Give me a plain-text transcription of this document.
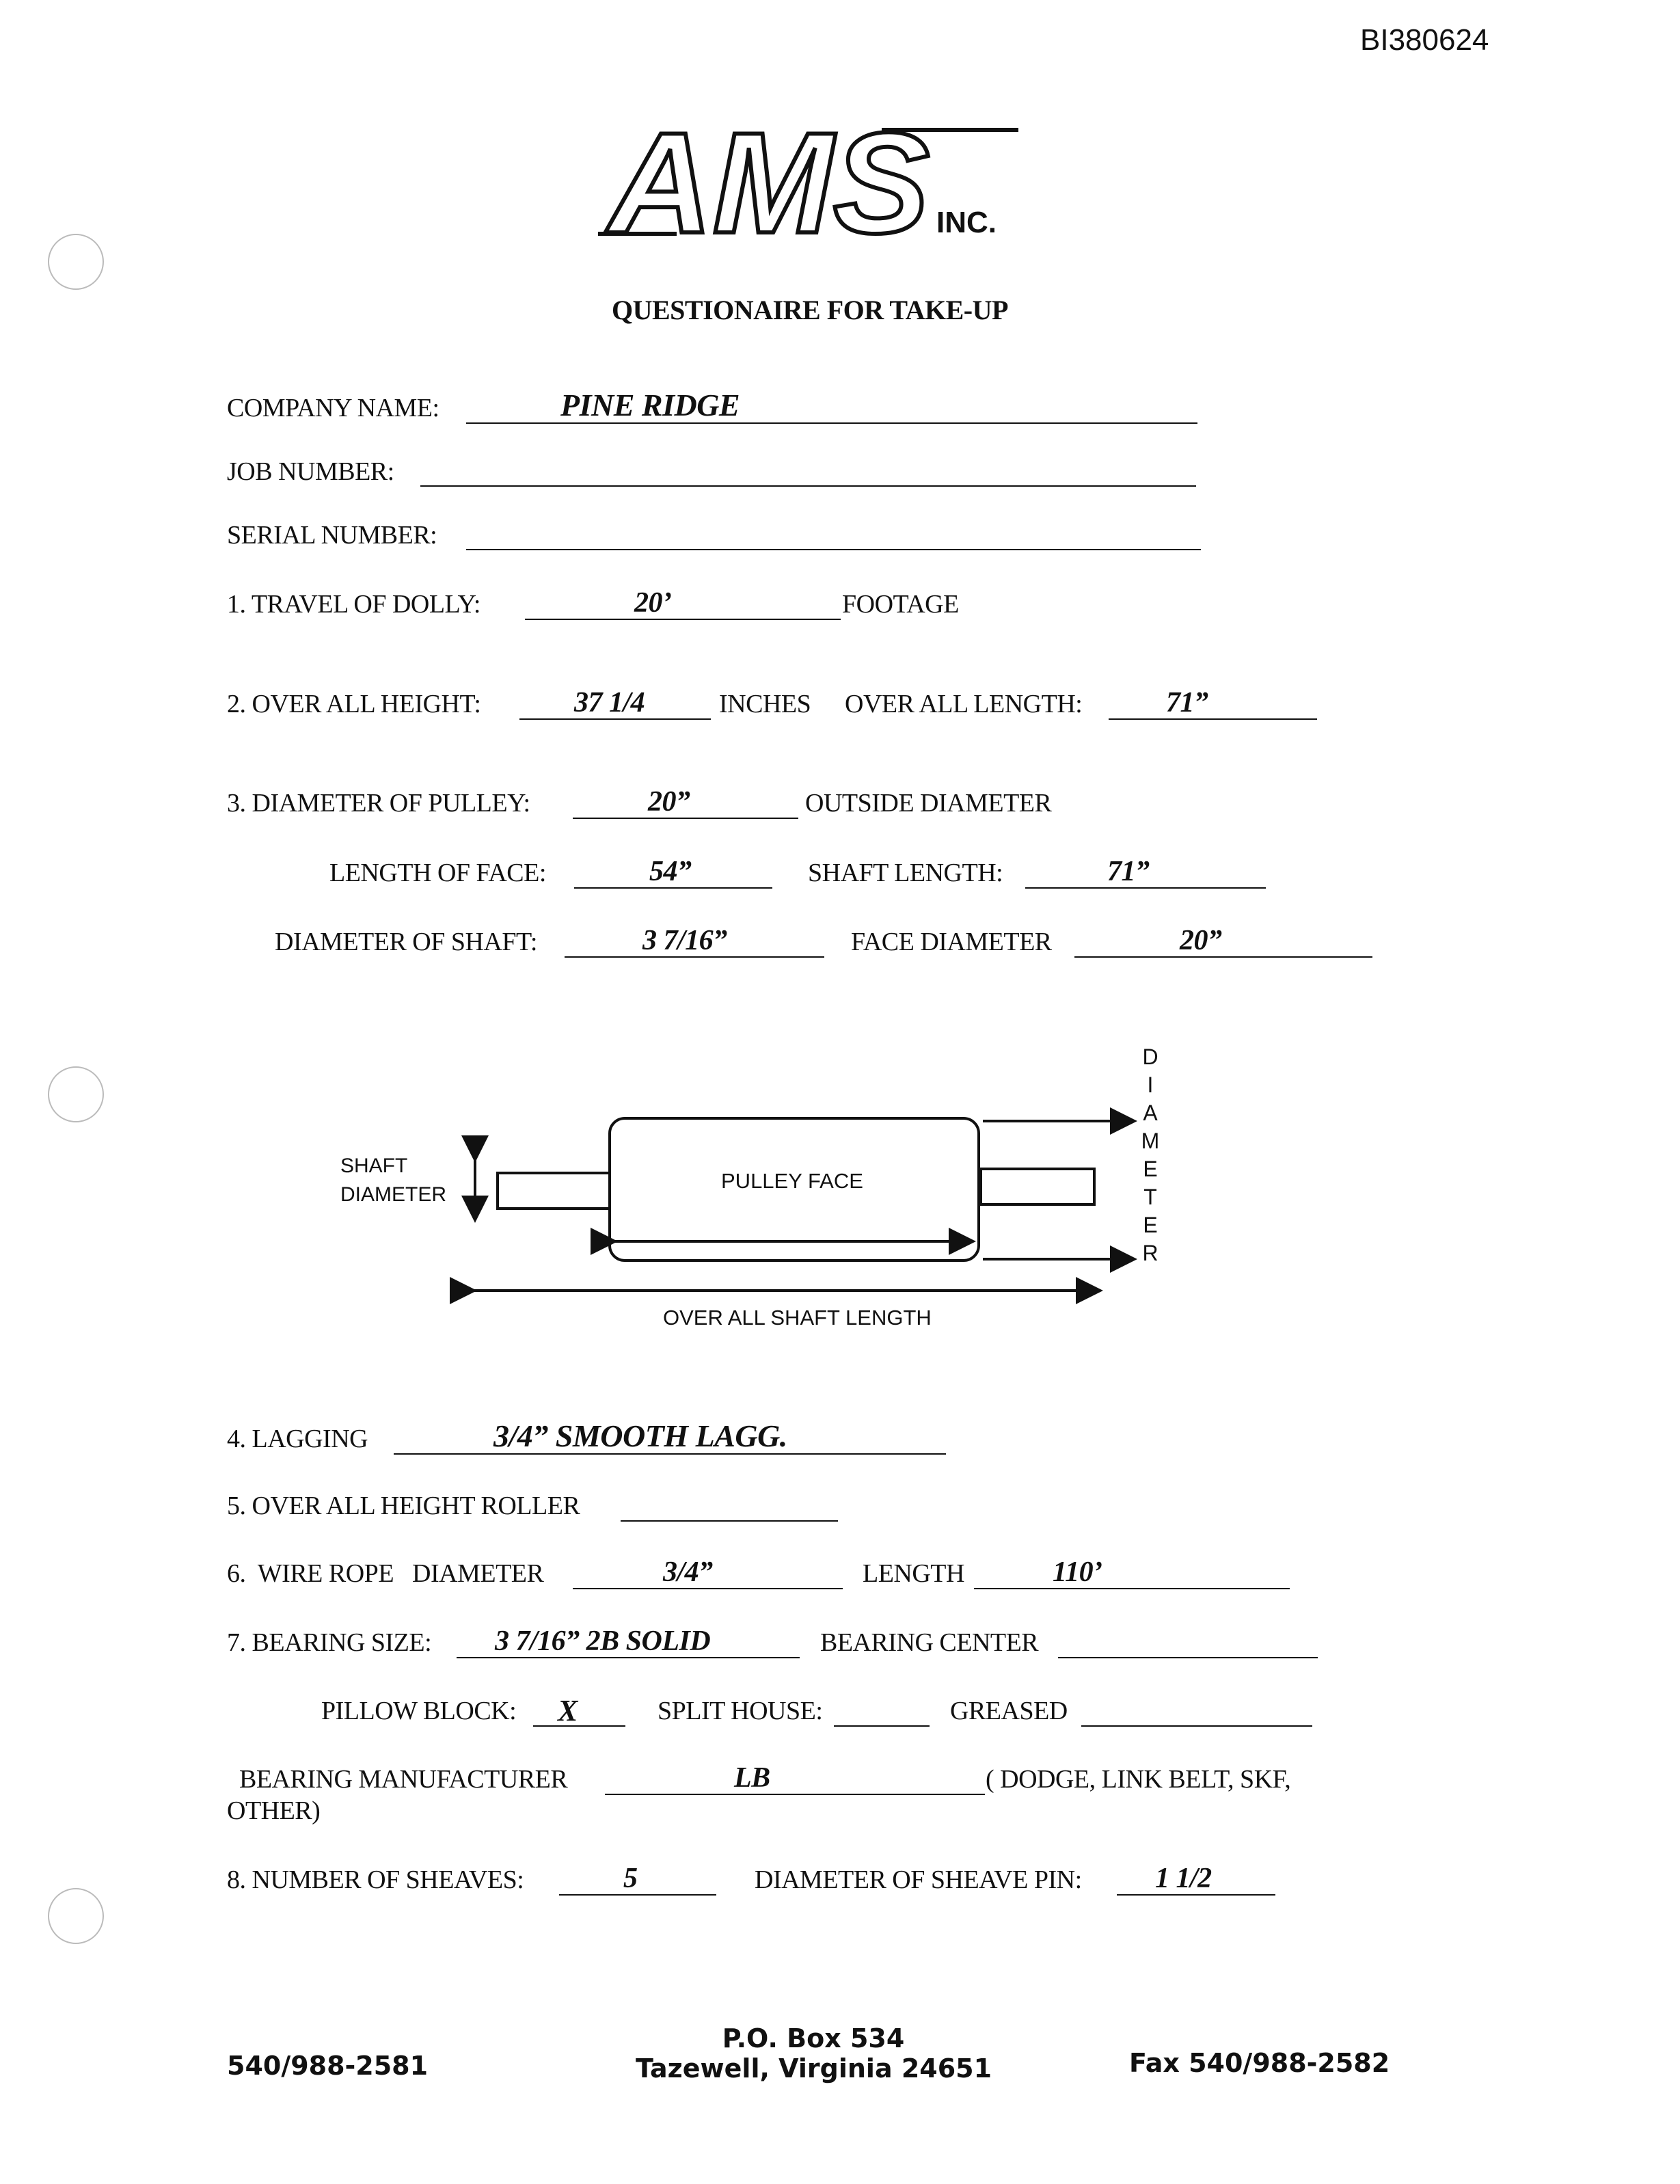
BI380624
AMS INC.
QUESTIONAIRE FOR TAKE-UP
COMPANY NAME:	PINE RIDGE
JOB NUMBER:
SERIAL NUMBER:
1. TRAVEL OF DOLLY:	20’	FOOTAGE
2. OVER ALL HEIGHT:	37 1/4	INCHES OVER ALL LENGTH:	71”
3. DIAMETER OF PULLEY:	20”	OUTSIDE DIAMETER
LENGTH OF FACE:	54”	SHAFT LENGTH:	71”
DIAMETER OF SHAFT:	3 7/16”	FACE DIAMETER	20”
SHAFT
DIAMETER
PULLEY FACE
OVER ALL SHAFT LENGTH
D
I
A
M
E
T
E
R
4. LAGGING	3/4” SMOOTH LAGG.
5. OVER ALL HEIGHT ROLLER
6.  WIRE ROPE   DIAMETER	3/4”	LENGTH	110’
7. BEARING SIZE: 3 7/16” 2B SOLID	BEARING CENTER
PILLOW BLOCK: X	SPLIT HOUSE:	GREASED
BEARING MANUFACTURER	LB	( DODGE, LINK BELT, SKF,
OTHER)
8. NUMBER OF SHEAVES:	5	DIAMETER OF SHEAVE PIN:	1 1/2
540/988-2581
P.O. Box 534
Tazewell, Virginia 24651	Fax 540/988-2582
